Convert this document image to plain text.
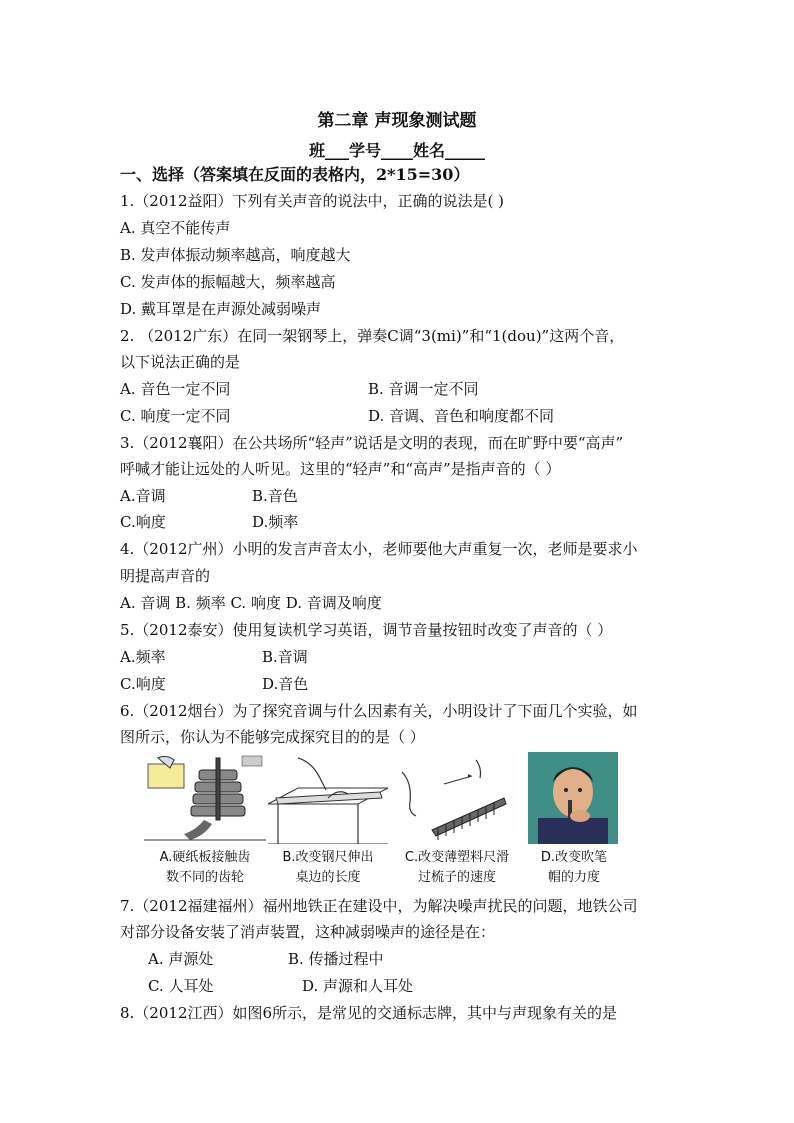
第二章 声现象测试题
班___学号____姓名_____
一、选择（答案填在反面的表格内，2*15=30）
1.（2012益阳）下列有关声音的说法中，正确的说法是( )
A. 真空不能传声
B. 发声体振动频率越高，响度越大
C. 发声体的振幅越大，频率越高
D. 戴耳罩是在声源处减弱噪声
2. （2012广东）在同一架钢琴上，弹奏C调“3(mi)”和“1(dou)”这两个音，
以下说法正确的是
A. 音色一定不同	B. 音调一定不同
C. 响度一定不同	D. 音调、音色和响度都不同
3.（2012襄阳）在公共场所“轻声”说话是文明的表现，而在旷野中要“高声”
呼喊才能让远处的人听见。这里的“轻声”和“高声”是指声音的（ ）
A.音调	B.音色
C.响度	D.频率
4.（2012广州）小明的发言声音太小，老师要他大声重复一次，老师是要求小
明提高声音的
A. 音调 B. 频率 C. 响度 D. 音调及响度
5.（2012泰安）使用复读机学习英语，调节音量按钮时改变了声音的（ ）
A.频率	B.音调
C.响度	D.音色
6.（2012烟台）为了探究音调与什么因素有关，小明设计了下面几个实验，如
图所示，你认为不能够完成探究目的的是（ ）
A.硬纸板接触齿
数不同的齿轮
B.改变钢尺伸出
桌边的长度
C.改变薄塑料尺滑
过梳子的速度
D.改变吹笔
帽的力度
7.（2012福建福州）福州地铁正在建设中，为解决噪声扰民的问题，地铁公司
对部分设备安装了消声装置，这种减弱噪声的途径是在：
A. 声源处	B. 传播过程中
C. 人耳处	D. 声源和人耳处
8.（2012江西）如图6所示，是常见的交通标志牌，其中与声现象有关的是
